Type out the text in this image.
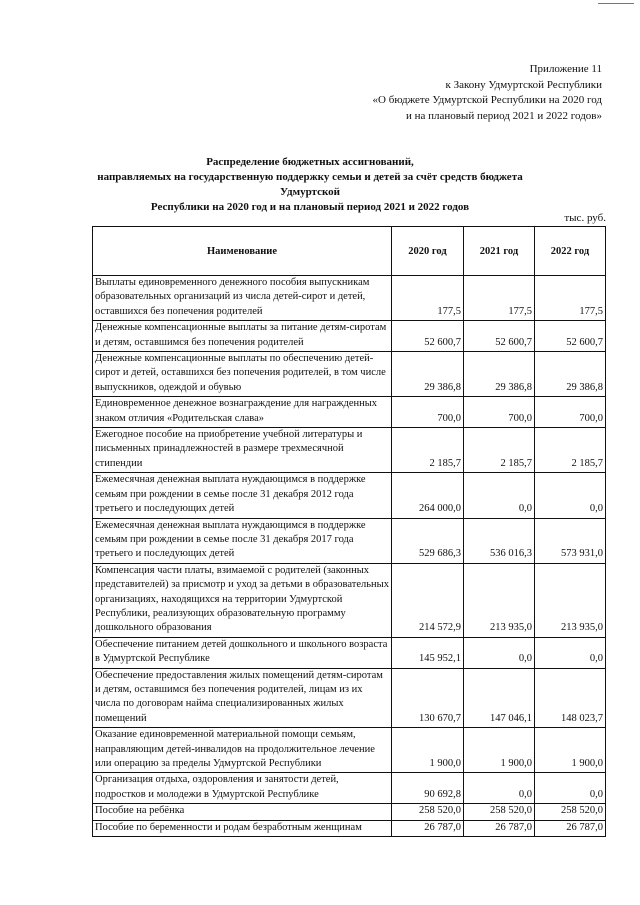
Приложение 11
к Закону Удмуртской Республики
«О бюджете Удмуртской Республики на 2020 год
и на плановый период 2021 и 2022 годов»
Распределение бюджетных ассигнований,
направляемых на государственную поддержку семьи и детей за счёт средств бюджета Удмуртской
Республики на 2020 год и на плановый период 2021 и 2022 годов
тыс. руб.
Наименование	2020 год	2021 год	2022 год
Выплаты единовременного денежного пособия выпускникам образовательных организаций из числа детей-сирот и детей, оставшихся без попечения родителей	177,5	177,5	177,5
Денежные компенсационные выплаты за питание детям-сиротам и детям, оставшимся без попечения родителей	52 600,7	52 600,7	52 600,7
Денежные компенсационные выплаты по обеспечению детей-сирот и детей, оставшихся без попечения родителей, в том числе выпускников, одеждой и обувью	29 386,8	29 386,8	29 386,8
Единовременное денежное вознаграждение для награжденных знаком отличия «Родительская слава»	700,0	700,0	700,0
Ежегодное пособие на приобретение учебной литературы и письменных принадлежностей в размере трехмесячной стипендии	2 185,7	2 185,7	2 185,7
Ежемесячная денежная выплата нуждающимся в поддержке семьям при рождении в семье после 31 декабря 2012 года третьего и последующих детей	264 000,0	0,0	0,0
Ежемесячная денежная выплата нуждающимся в поддержке семьям при рождении в семье после 31 декабря 2017 года третьего и последующих детей	529 686,3	536 016,3	573 931,0
Компенсация части платы, взимаемой с родителей (законных представителей) за присмотр и уход за детьми в образовательных организациях, находящихся на территории Удмуртской Республики, реализующих образовательную программу дошкольного образования	214 572,9	213 935,0	213 935,0
Обеспечение питанием детей дошкольного и школьного возраста в Удмуртской Республике	145 952,1	0,0	0,0
Обеспечение предоставления жилых помещений детям-сиротам и детям, оставшимся без попечения родителей, лицам из их числа по договорам найма специализированных жилых помещений	130 670,7	147 046,1	148 023,7
Оказание единовременной материальной помощи семьям, направляющим детей-инвалидов на продолжительное лечение или операцию за пределы Удмуртской Республики	1 900,0	1 900,0	1 900,0
Организация отдыха, оздоровления и занятости детей, подростков и молодежи в Удмуртской Республике	90 692,8	0,0	0,0
Пособие на ребёнка	258 520,0	258 520,0	258 520,0
Пособие по беременности и родам безработным женщинам	26 787,0	26 787,0	26 787,0
